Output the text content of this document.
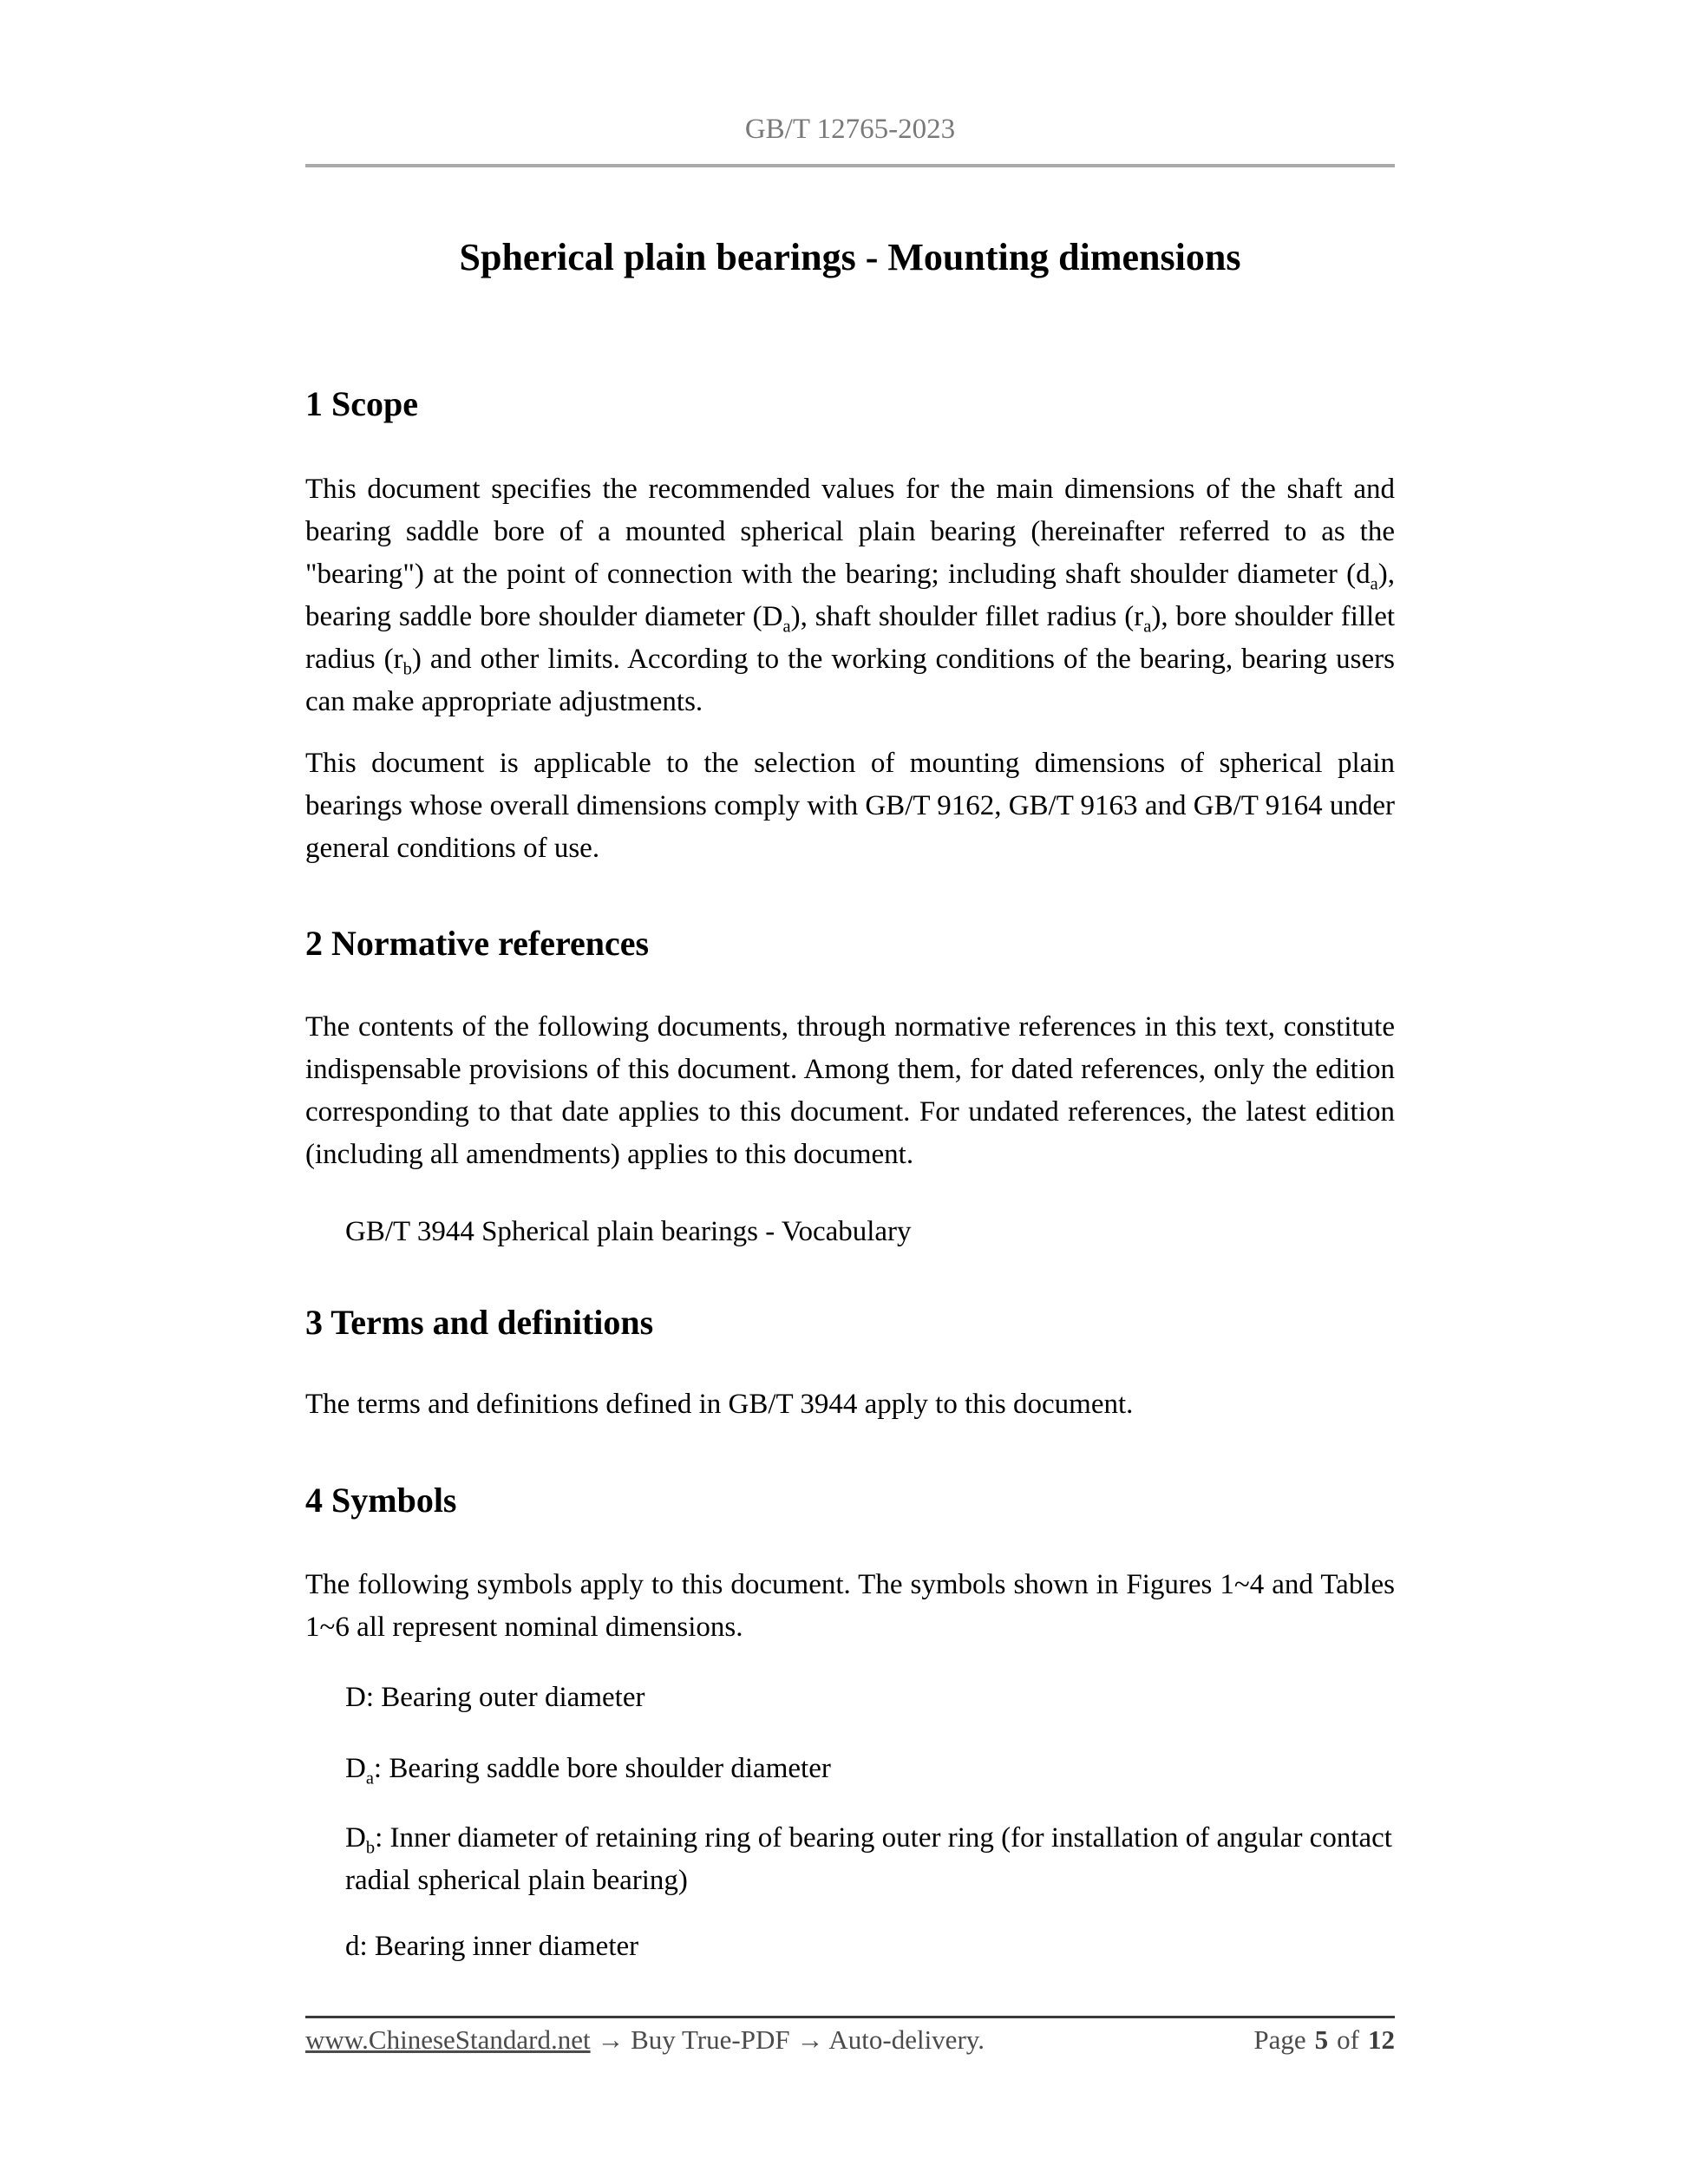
GB/T 12765-2023

Spherical plain bearings - Mounting dimensions
1 Scope

This document specifies the recommended values for the main dimensions of the shaft and bearing saddle bore of a mounted spherical plain bearing (hereinafter referred to as the "bearing") at the point of connection with the bearing; including shaft shoulder diameter $(d_a)$, bearing saddle bore shoulder diameter $(D_a)$, shaft shoulder fillet radius $(r_a)$, bore shoulder fillet radius $(r_b)$ and other limits. According to the working conditions of the bearing, bearing users can make appropriate adjustments.

This document is applicable to the selection of mounting dimensions of spherical plain bearings whose overall dimensions comply with GB/T 9162, GB/T 9163 and GB/T 9164 under general conditions of use.

2 Normative references

The contents of the following documents, through normative references in this text, constitute indispensable provisions of this document. Among them, for dated references, only the edition corresponding to that date applies to this document. For undated references, the latest edition (including all amendments) applies to this document.

GB/T 3944 Spherical plain bearings - Vocabulary

3 Terms and definitions

The terms and definitions defined in GB/T 3944 apply to this document.

4 Symbols

The following symbols apply to this document. The symbols shown in Figures 1~4 and Tables 1~6 all represent nominal dimensions.

D: Bearing outer diameter

$D_a$: Bearing saddle bore shoulder diameter

$D_b$: Inner diameter of retaining ring of bearing outer ring (for installation of angular contact radial spherical plain bearing)

d: Bearing inner diameter

www.ChineseStandard.net → Buy True-PDF → Auto-delivery.	Page 5 of 12
